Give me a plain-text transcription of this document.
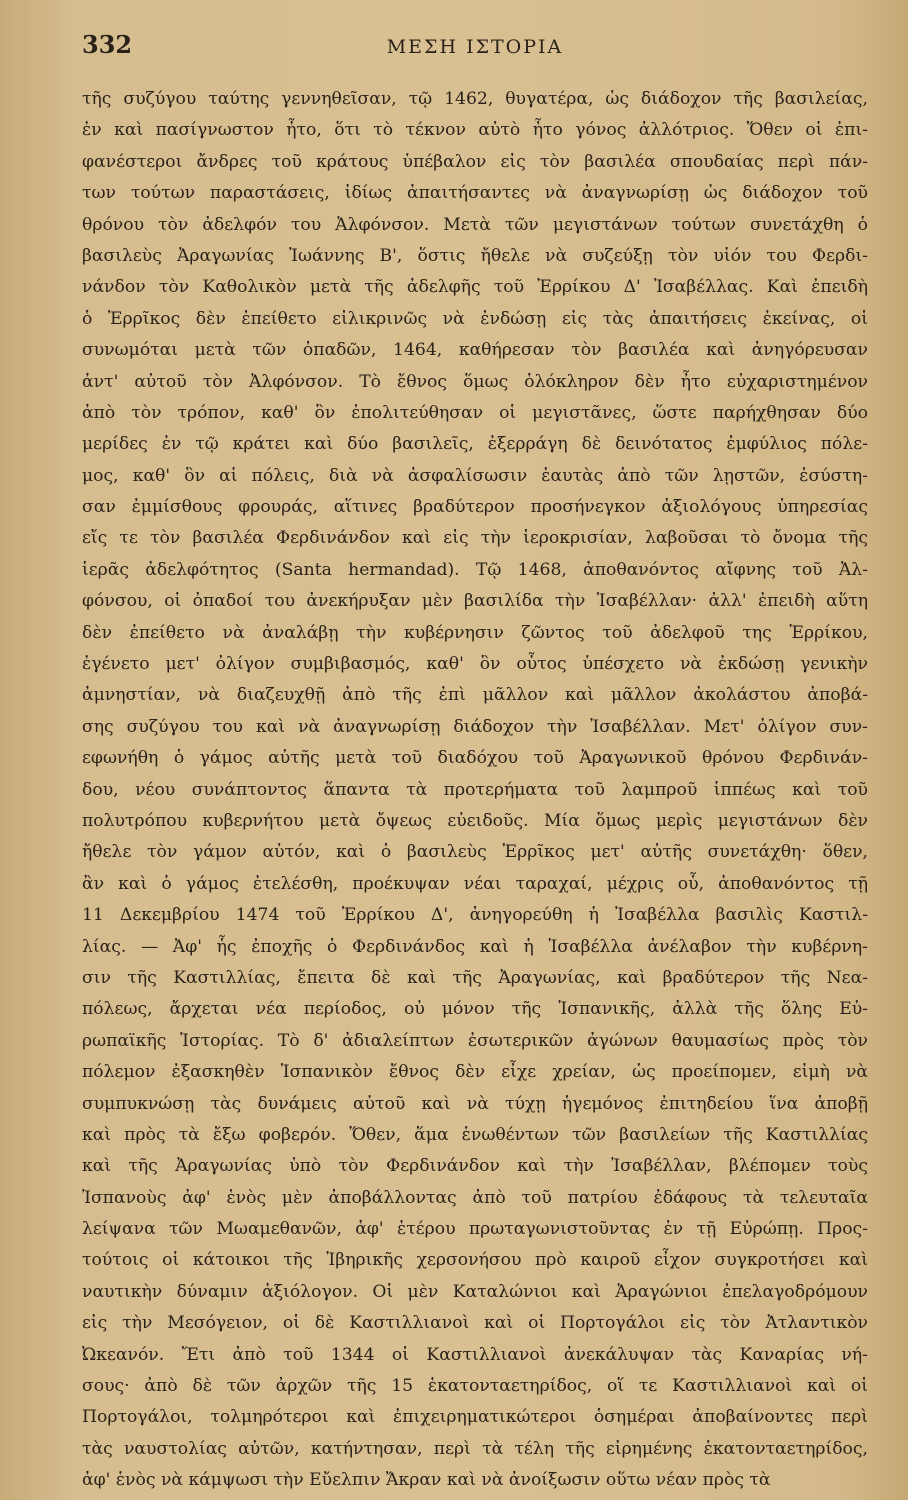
332	ΜΕΣΗ ΙΣΤΟΡΙΑ
τῆς συζύγου ταύτης γεννηθεῖσαν, τῷ 1462, θυγατέρα, ὡς διάδοχον τῆς βασιλείας,
ἐν καὶ πασίγνωστον ἦτο, ὅτι τὸ τέκνον αὐτὸ ἦτο γόνος ἀλλότριος. Ὅθεν οἱ ἐπι-
φανέστεροι ἄνδρες τοῦ κράτους ὑπέβαλον εἰς τὸν βασιλέα σπουδαίας περὶ πάν-
των τούτων παραστάσεις, ἰδίως ἀπαιτήσαντες νὰ ἀναγνωρίσῃ ὡς διάδοχον τοῦ
θρόνου τὸν ἀδελφόν του Ἀλφόνσον. Μετὰ τῶν μεγιστάνων τούτων συνετάχθη ὁ
βασιλεὺς Ἀραγωνίας Ἰωάννης Β', ὅστις ἤθελε νὰ συζεύξῃ τὸν υἱόν του Φερδι-
νάνδον τὸν Καθολικὸν μετὰ τῆς ἀδελφῆς τοῦ Ἐρρίκου Δ' Ἰσαβέλλας. Καὶ ἐπειδὴ
ὁ Ἐρρῖκος δὲν ἐπείθετο εἰλικρινῶς νὰ ἐνδώσῃ εἰς τὰς ἀπαιτήσεις ἐκείνας, οἱ
συνωμόται μετὰ τῶν ὀπαδῶν, 1464, καθήρεσαν τὸν βασιλέα καὶ ἀνηγόρευσαν
ἀντ' αὐτοῦ τὸν Ἀλφόνσον. Τὸ ἔθνος ὅμως ὁλόκληρον δὲν ἦτο εὐχαριστημένον
ἀπὸ τὸν τρόπον, καθ' ὃν ἐπολιτεύθησαν οἱ μεγιστᾶνες, ὥστε παρήχθησαν δύο
μερίδες ἐν τῷ κράτει καὶ δύο βασιλεῖς, ἐξερράγη δὲ δεινότατος ἐμφύλιος πόλε-
μος, καθ' ὃν αἱ πόλεις, διὰ νὰ ἀσφαλίσωσιν ἑαυτὰς ἀπὸ τῶν λῃστῶν, ἐσύστη-
σαν ἐμμίσθους φρουράς, αἵτινες βραδύτερον προσήνεγκον ἀξιολόγους ὑπηρεσίας
εἴς τε τὸν βασιλέα Φερδινάνδον καὶ εἰς τὴν ἱεροκρισίαν, λαβοῦσαι τὸ ὄνομα τῆς
ἱερᾶς ἀδελφότητος (Santa hermandad). Τῷ 1468, ἀποθανόντος αἴφνης τοῦ Ἀλ-
φόνσου, οἱ ὀπαδοί του ἀνεκήρυξαν μὲν βασιλίδα τὴν Ἰσαβέλλαν· ἀλλ' ἐπειδὴ αὕτη
δὲν ἐπείθετο νὰ ἀναλάβῃ τὴν κυβέρνησιν ζῶντος τοῦ ἀδελφοῦ της Ἐρρίκου,
ἐγένετο μετ' ὀλίγον συμβιβασμός, καθ' ὃν οὗτος ὑπέσχετο νὰ ἐκδώσῃ γενικὴν
ἀμνηστίαν, νὰ διαζευχθῇ ἀπὸ τῆς ἐπὶ μᾶλλον καὶ μᾶλλον ἀκολάστου ἀποβά-
σης συζύγου του καὶ νὰ ἀναγνωρίσῃ διάδοχον τὴν Ἰσαβέλλαν. Μετ' ὀλίγον συν-
εφωνήθη ὁ γάμος αὐτῆς μετὰ τοῦ διαδόχου τοῦ Ἀραγωνικοῦ θρόνου Φερδινάν-
δου, νέου συνάπτοντος ἅπαντα τὰ προτερήματα τοῦ λαμπροῦ ἱππέως καὶ τοῦ
πολυτρόπου κυβερνήτου μετὰ ὄψεως εὐειδοῦς. Μία ὅμως μερὶς μεγιστάνων δὲν
ἤθελε τὸν γάμον αὐτόν, καὶ ὁ βασιλεὺς Ἐρρῖκος μετ' αὐτῆς συνετάχθη· ὅθεν,
ἂν καὶ ὁ γάμος ἐτελέσθη, προέκυψαν νέαι ταραχαί, μέχρις οὗ, ἀποθανόντος τῇ
11 Δεκεμβρίου 1474 τοῦ Ἐρρίκου Δ', ἀνηγορεύθη ἡ Ἰσαβέλλα βασιλὶς Καστιλ-
λίας. — Ἀφ' ἧς ἐποχῆς ὁ Φερδινάνδος καὶ ἡ Ἰσαβέλλα ἀνέλαβον τὴν κυβέρνη-
σιν τῆς Καστιλλίας, ἔπειτα δὲ καὶ τῆς Ἀραγωνίας, καὶ βραδύτερον τῆς Νεα-
πόλεως, ἄρχεται νέα περίοδος, οὐ μόνον τῆς Ἰσπανικῆς, ἀλλὰ τῆς ὅλης Εὐ-
ρωπαϊκῆς Ἱστορίας. Τὸ δ' ἀδιαλείπτων ἐσωτερικῶν ἀγώνων θαυμασίως πρὸς τὸν
πόλεμον ἐξασκηθὲν Ἰσπανικὸν ἔθνος δὲν εἶχε χρείαν, ὡς προείπομεν, εἰμὴ νὰ
συμπυκνώσῃ τὰς δυνάμεις αὐτοῦ καὶ νὰ τύχῃ ἡγεμόνος ἐπιτηδείου ἵνα ἀποβῇ
καὶ πρὸς τὰ ἔξω φοβερόν. Ὅθεν, ἅμα ἑνωθέντων τῶν βασιλείων τῆς Καστιλλίας
καὶ τῆς Ἀραγωνίας ὑπὸ τὸν Φερδινάνδον καὶ τὴν Ἰσαβέλλαν, βλέπομεν τοὺς
Ἰσπανοὺς ἀφ' ἑνὸς μὲν ἀποβάλλοντας ἀπὸ τοῦ πατρίου ἐδάφους τὰ τελευταῖα
λείψανα τῶν Μωαμεθανῶν, ἀφ' ἑτέρου πρωταγωνιστοῦντας ἐν τῇ Εὐρώπῃ. Προς-
τούτοις οἱ κάτοικοι τῆς Ἰβηρικῆς χερσονήσου πρὸ καιροῦ εἶχον συγκροτήσει καὶ
ναυτικὴν δύναμιν ἀξιόλογον. Οἱ μὲν Καταλώνιοι καὶ Ἀραγώνιοι ἐπελαγοδρόμουν
εἰς τὴν Μεσόγειον, οἱ δὲ Καστιλλιανοὶ καὶ οἱ Πορτογάλοι εἰς τὸν Ἀτλαντικὸν
Ὠκεανόν. Ἔτι ἀπὸ τοῦ 1344 οἱ Καστιλλιανοὶ ἀνεκάλυψαν τὰς Καναρίας νή-
σους· ἀπὸ δὲ τῶν ἀρχῶν τῆς 15 ἑκατονταετηρίδος, οἵ τε Καστιλλιανοὶ καὶ οἱ
Πορτογάλοι, τολμηρότεροι καὶ ἐπιχειρηματικώτεροι ὁσημέραι ἀποβαίνοντες περὶ
τὰς ναυστολίας αὐτῶν, κατήντησαν, περὶ τὰ τέλη τῆς εἰρημένης ἑκατονταετηρίδος,
ἀφ' ἑνὸς νὰ κάμψωσι τὴν Εὔελπιν Ἄκραν καὶ νὰ ἀνοίξωσιν οὕτω νέαν πρὸς τὰ
